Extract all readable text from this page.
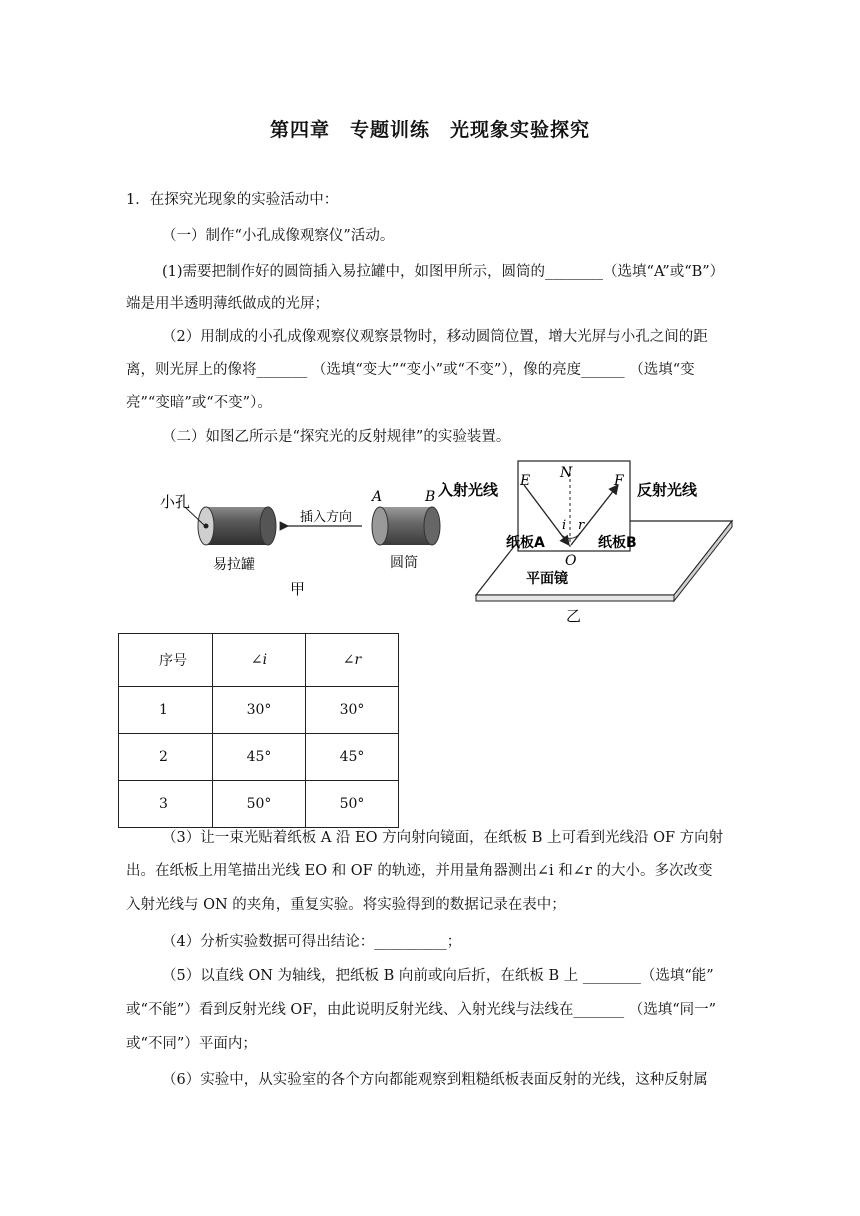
第四章　专题训练　光现象实验探究
1．在探究光现象的实验活动中：
（一）制作“小孔成像观察仪”活动。
(1)需要把制作好的圆筒插入易拉罐中，如图甲所示，圆筒的________（选填“A”或“B”）
端是用半透明薄纸做成的光屏；
（2）用制成的小孔成像观察仪观察景物时，移动圆筒位置，增大光屏与小孔之间的距
离，则光屏上的像将_______ （选填“变大”“变小”或“不变”），像的亮度______ （选填“变
亮”“变暗”或“不变”）。
（二）如图乙所示是“探究光的反射规律”的实验装置。
小孔
易拉罐
插入方向
A	B
圆筒
甲
入射光线	反射光线
E N	F
i r
纸板A	纸板B
O
平面镜
乙
序号	∠i	∠r
1	30°	30°
2	45°	45°
3	50°	50°
（3）让一束光贴着纸板 A 沿 EO 方向射向镜面，在纸板 B 上可看到光线沿 OF 方向射
出。在纸板上用笔描出光线 EO 和 OF 的轨迹，并用量角器测出∠i 和∠r 的大小。多次改变
入射光线与 ON 的夹角，重复实验。将实验得到的数据记录在表中；
（4）分析实验数据可得出结论：__________；
（5）以直线 ON 为轴线，把纸板 B 向前或向后折，在纸板 B 上 ________（选填“能”
或“不能”）看到反射光线 OF，由此说明反射光线、入射光线与法线在_______ （选填“同一”
或“不同”）平面内；
（6）实验中，从实验室的各个方向都能观察到粗糙纸板表面反射的光线，这种反射属
